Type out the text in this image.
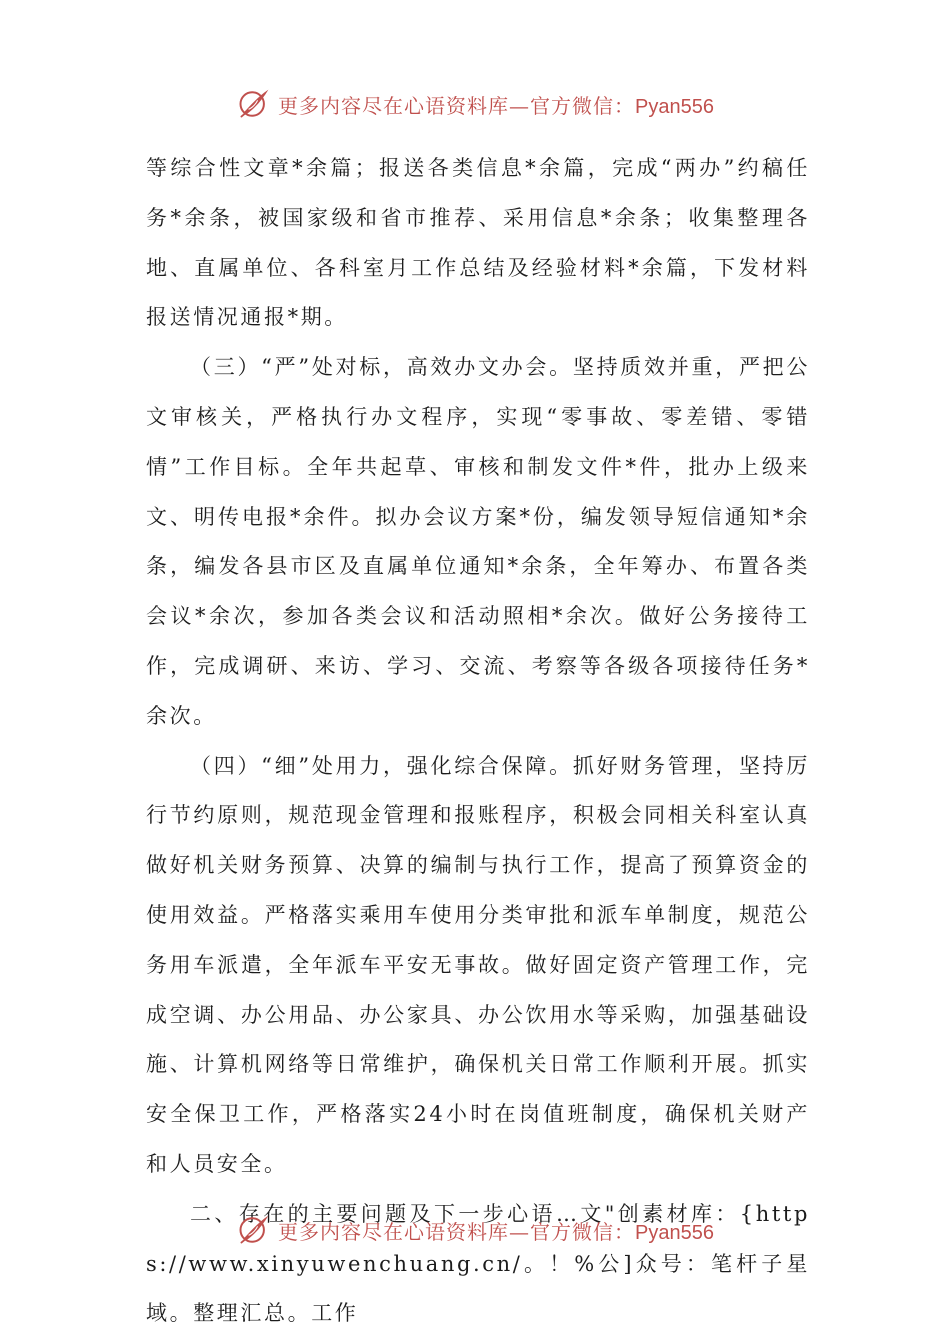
更多内容尽在心语资料库—官方微信：Pyan556

等综合性文章*余篇；报送各类信息*余篇，完成“两办”约稿任务*余条，被国家级和省市推荐、采用信息*余条；收集整理各地、直属单位、各科室月工作总结及经验材料*余篇，下发材料报送情况通报*期。

（三）“严”处对标，高效办文办会。坚持质效并重，严把公文审核关，严格执行办文程序，实现“零事故、零差错、零错情”工作目标。全年共起草、审核和制发文件*件，批办上级来文、明传电报*余件。拟办会议方案*份，编发领导短信通知*余条，编发各县市区及直属单位通知*余条，全年筹办、布置各类会议*余次，参加各类会议和活动照相*余次。做好公务接待工作，完成调研、来访、学习、交流、考察等各级各项接待任务*余次。

（四）“细”处用力，强化综合保障。抓好财务管理，坚持厉行节约原则，规范现金管理和报账程序，积极会同相关科室认真做好机关财务预算、决算的编制与执行工作，提高了预算资金的使用效益。严格落实乘用车使用分类审批和派车单制度，规范公务用车派遣，全年派车平安无事故。做好固定资产管理工作，完成空调、办公用品、办公家具、办公饮用水等采购，加强基础设施、计算机网络等日常维护，确保机关日常工作顺利开展。抓实安全保卫工作，严格落实24小时在岗值班制度，确保机关财产和人员安全。

二、存在的主要问题及下一步心语…文"创素材库：{https://www.xinyuwenchuang.cn/。！%公]众号：笔杆子星域。整理汇总。工作

更多内容尽在心语资料库—官方微信：Pyan556
